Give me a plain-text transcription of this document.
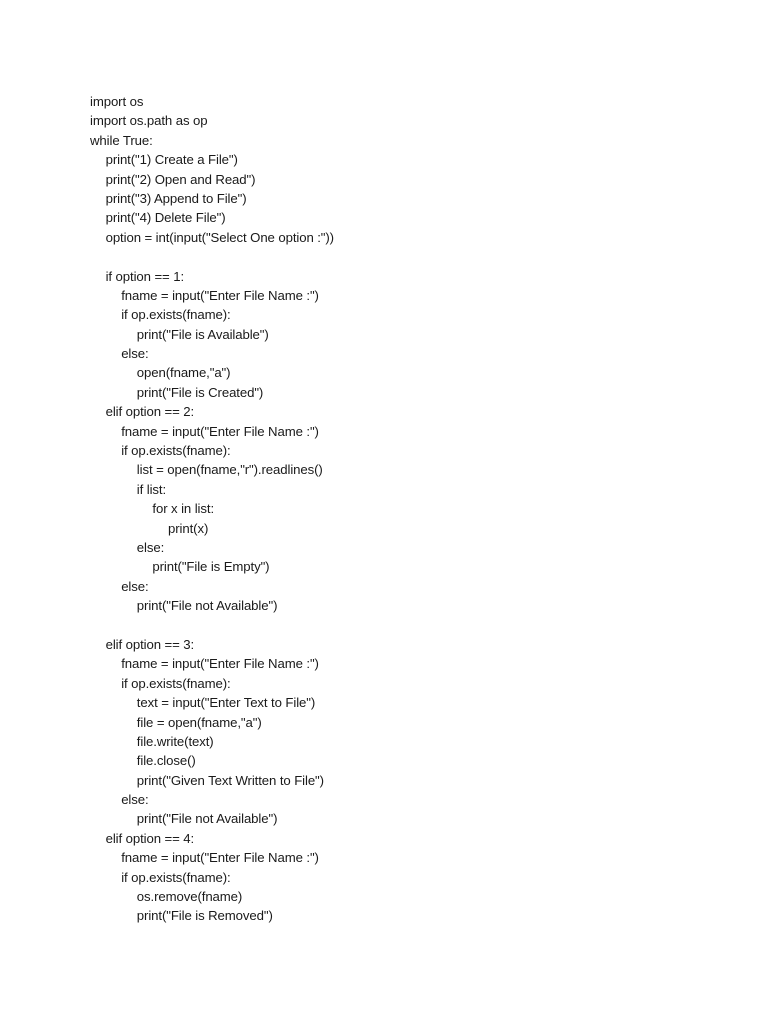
import os
import os.path as op
while True:
print("1) Create a File")
print("2) Open and Read")
print("3) Append to File")
print("4) Delete File")
option = int(input("Select One option :"))
if option == 1:
fname = input("Enter File Name :")
if op.exists(fname):
print("File is Available")
else:
open(fname,"a")
print("File is Created")
elif option == 2:
fname = input("Enter File Name :")
if op.exists(fname):
list = open(fname,"r").readlines()
if list:
for x in list:
print(x)
else:
print("File is Empty")
else:
print("File not Available")
elif option == 3:
fname = input("Enter File Name :")
if op.exists(fname):
text = input("Enter Text to File")
file = open(fname,"a")
file.write(text)
file.close()
print("Given Text Written to File")
else:
print("File not Available")
elif option == 4:
fname = input("Enter File Name :")
if op.exists(fname):
os.remove(fname)
print("File is Removed")
